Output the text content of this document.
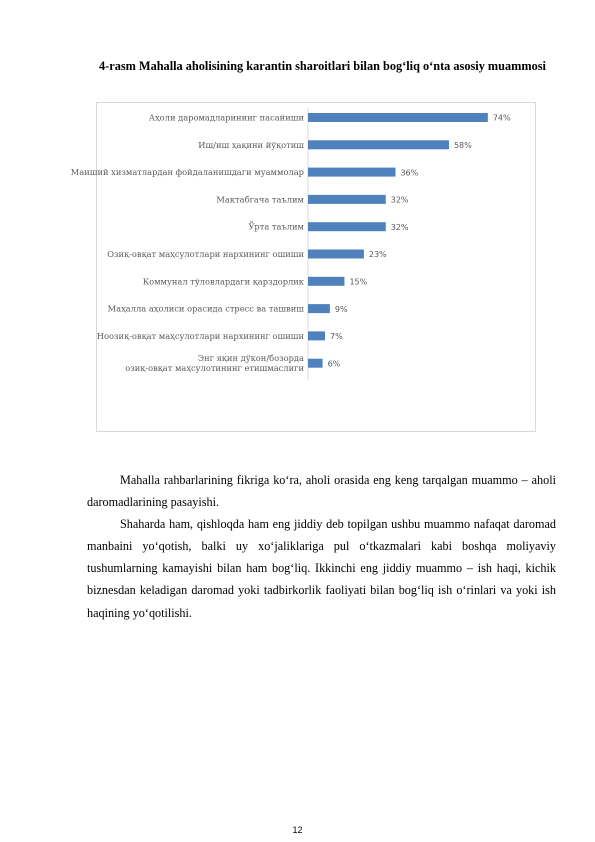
4-rasm Mahalla aholisining karantin sharoitlari bilan bog‘liq o‘nta asosiy muammosi
74%
Аҳоли даромадларининг пасайиши
58%
Иш/иш ҳақини йўқотиш
36%
Маиший хизматлардан фойдаланишдаги муаммолар
32%
Мактабгача таълим
32%
Ўрта таълим
23%
Озиқ-овқат маҳсулотлари нархининг ошиши
15%
Коммунал тўловлардаги қарздорлик
9%
Маҳалла аҳолиси орасида стресс ва ташвиш
7%
Ноозиқ-овқат маҳсулотлари нархининг ошиши
6%
Энг яқин дўкон/бозорда
озиқ-овқат маҳсулотининг етишмаслиги

Mahalla rahbarlarining fikriga ko‘ra, aholi orasida eng keng tarqalgan muammo – aholi daromadlarining pasayishi.

Shaharda ham, qishloqda ham eng jiddiy deb topilgan ushbu muammo nafaqat daromad manbaini yo‘qotish, balki uy xo‘jaliklariga pul o‘tkazmalari kabi boshqa moliyaviy tushumlarning kamayishi bilan ham bog‘liq. Ikkinchi eng jiddiy muammo – ish haqi, kichik biznesdan keladigan daromad yoki tadbirkorlik faoliyati bilan bog‘liq ish o‘rinlari va yoki ish haqining yo‘qotilishi.

12
